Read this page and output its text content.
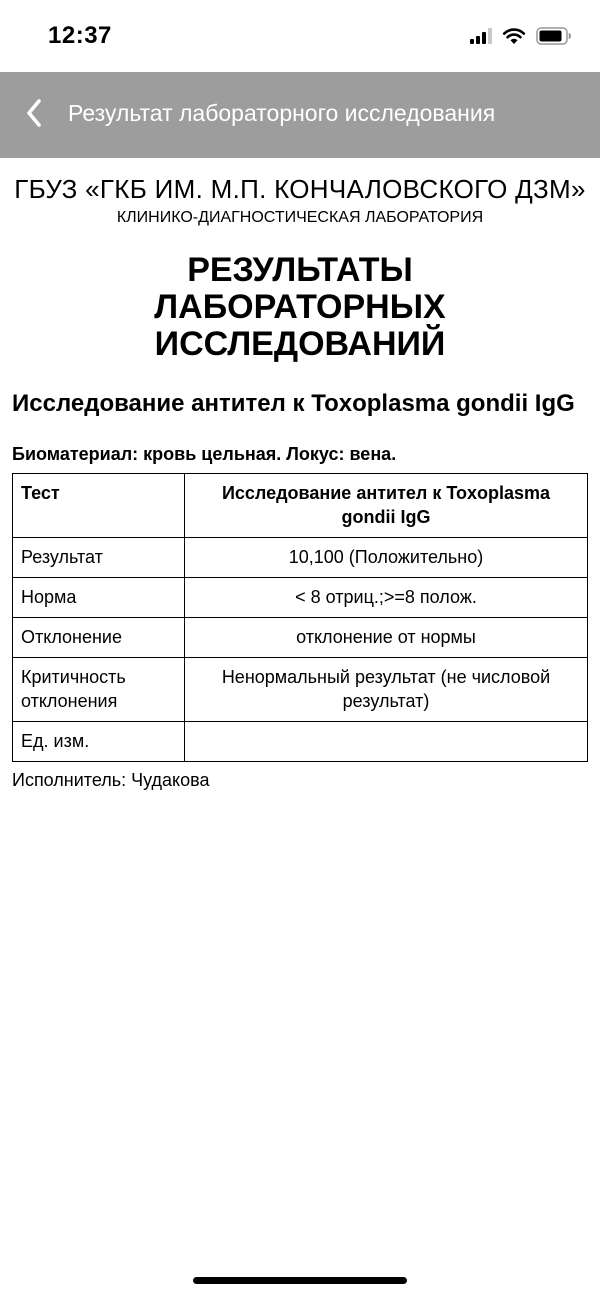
12:37
Результат лабораторного исследования
ГБУЗ «ГКБ ИМ. М.П. КОНЧАЛОВСКОГО ДЗМ»
КЛИНИКО-ДИАГНОСТИЧЕСКАЯ ЛАБОРАТОРИЯ
РЕЗУЛЬТАТЫ ЛАБОРАТОРНЫХ ИССЛЕДОВАНИЙ
Исследование антител к Toxoplasma gondii IgG
Биоматериал: кровь цельная. Локус: вена.
Тест	Исследование антител к Toxoplasma gondii IgG
Результат	10,100 (Положительно)
Норма	< 8 отриц.;>=8 полож.
Отклонение	отклонение от нормы
Критичность отклонения	Ненормальный результат (не числовой результат)
Ед. изм.	
Исполнитель: Чудакова
